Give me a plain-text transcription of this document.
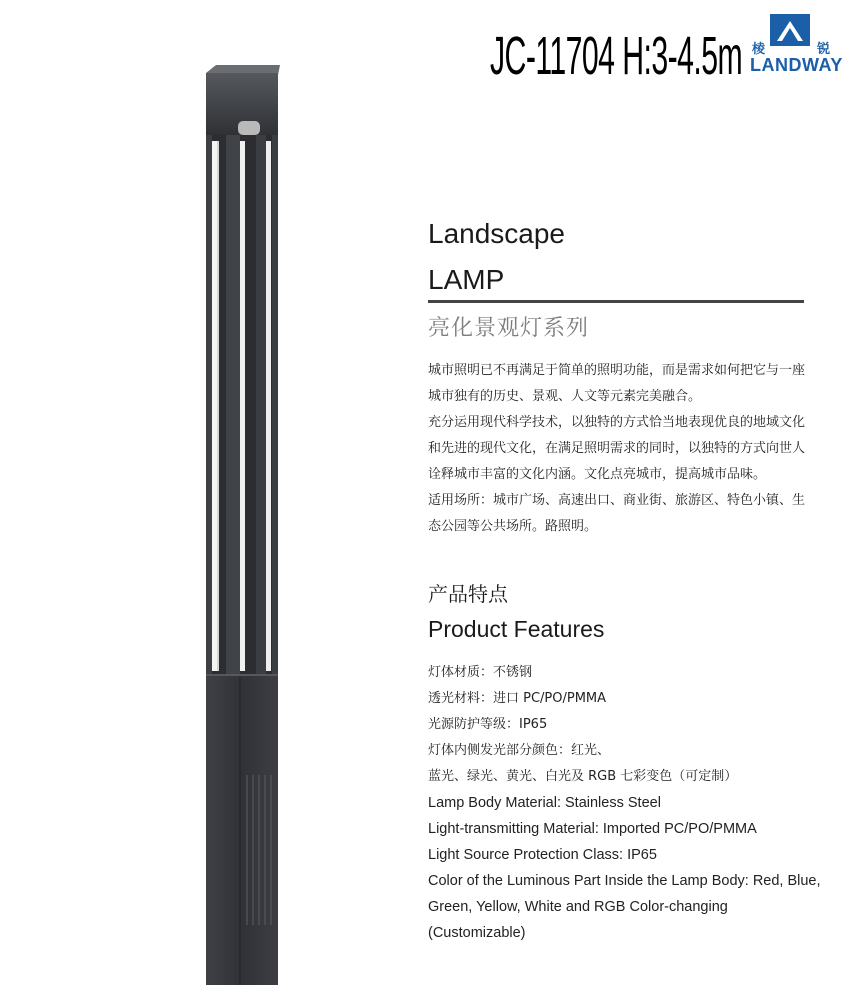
JC-11704 H:3-4.5m 棱	锐
LANDWAY
Landscape
LAMP
亮化景观灯系列

城市照明已不再满足于简单的照明功能，而是需求如何把它与一座城市独有的历史、景观、人文等元素完美融合。

充分运用现代科学技术，以独特的方式恰当地表现优良的地域文化和先进的现代文化，在满足照明需求的同时，以独特的方式向世人诠释城市丰富的文化内涵。文化点亮城市，提高城市品味。

适用场所：城市广场、高速出口、商业街、旅游区、特色小镇、生态公园等公共场所。路照明。

产品特点
Product Features
灯体材质：不锈钢
透光材料：进口 PC/PO/PMMA
光源防护等级：IP65
灯体内侧发光部分颜色：红光、
蓝光、绿光、黄光、白光及 RGB 七彩变色（可定制）
Lamp Body Material: Stainless Steel
Light-transmitting Material: Imported PC/PO/PMMA
Light Source Protection Class: IP65
Color of the Luminous Part Inside the Lamp Body: Red, Blue, Green, Yellow, White and RGB Color-changing (Customizable)
